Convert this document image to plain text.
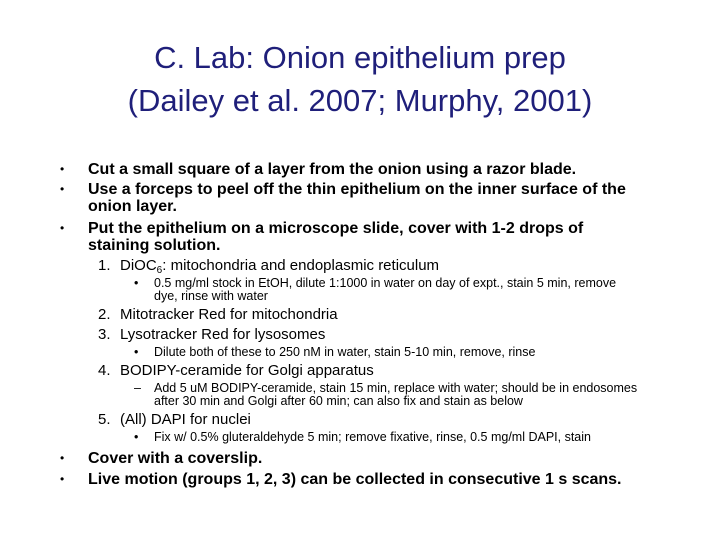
C. Lab: Onion epithelium prep
(Dailey et al. 2007; Murphy, 2001)
• Cut a small square of a layer from the onion using a razor blade.
• Use a forceps to peel off the thin epithelium on the inner surface of the onion layer.
• Put the epithelium on a microscope slide, cover with 1-2 drops of staining solution.
1. DiOC$_6$: mitochondria and endoplasmic reticulum
• 0.5 mg/ml stock in EtOH, dilute 1:1000 in water on day of expt., stain 5 min, remove dye, rinse with water
2. Mitotracker Red for mitochondria
3. Lysotracker Red for lysosomes
• Dilute both of these to 250 nM in water, stain 5-10 min, remove, rinse
4. BODIPY-ceramide for Golgi apparatus
– Add 5 uM BODIPY-ceramide, stain 15 min, replace with water; should be in endosomes after 30 min and Golgi after 60 min; can also fix and stain as below
5. (All) DAPI for nuclei
• Fix w/ 0.5% gluteraldehyde 5 min; remove fixative, rinse, 0.5 mg/ml DAPI, stain
• Cover with a coverslip.
• Live motion (groups 1, 2, 3) can be collected in consecutive 1 s scans.
